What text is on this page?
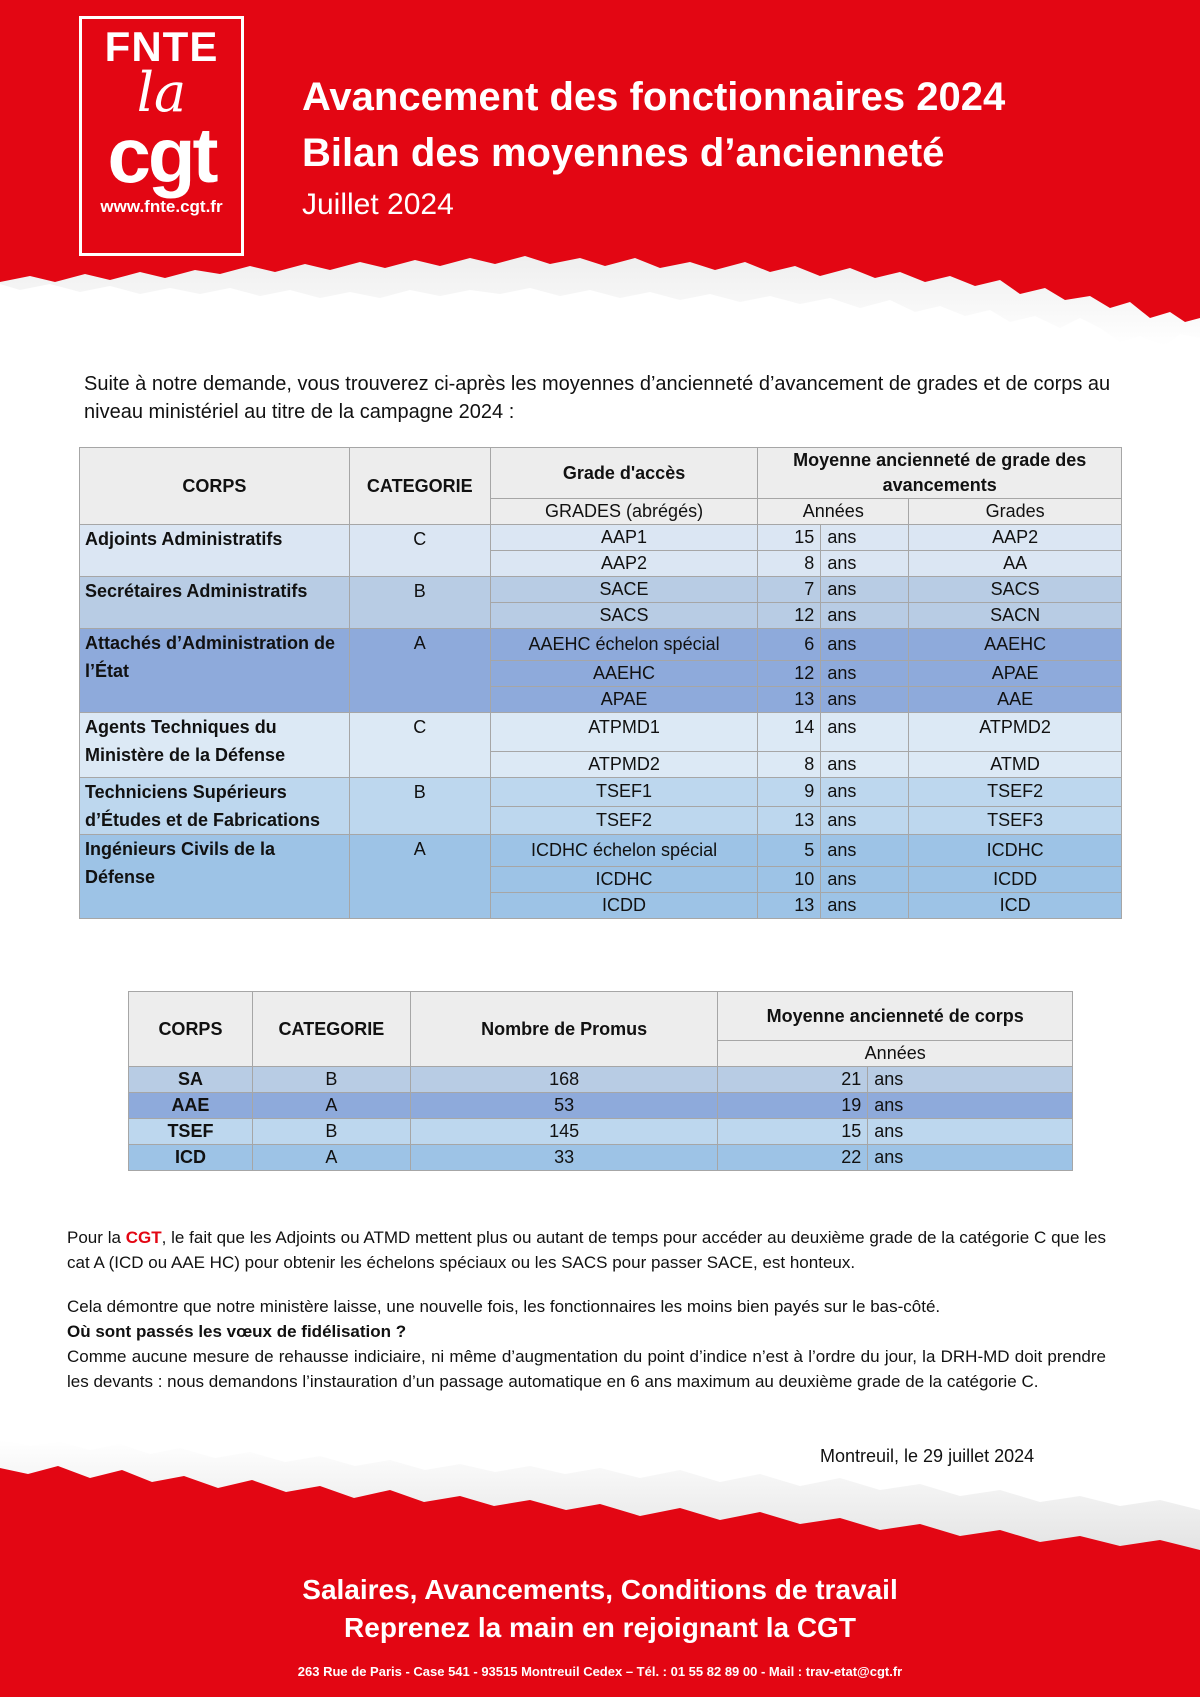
FNTE
la
cgt
www.fnte.cgt.fr
Avancement des fonctionnaires 2024
Bilan des moyennes d’ancienneté
Juillet 2024
Suite à notre demande, vous trouverez ci-après les moyennes d’ancienneté d’avancement de grades et de corps au niveau ministériel au titre de la campagne 2024 :
CORPS	CATEGORIE	Grade d'accès	Moyenne ancienneté de grade des avancements		
		GRADES (abrégés)	Années		Grades
Adjoints Administratifs	C	AAP1	15	ans	AAP2
		AAP2	8	ans	AA
Secrétaires Administratifs	B	SACE	7	ans	SACS
		SACS	12	ans	SACN
Attachés d’Administration de l’État	A	AAEHC échelon spécial	6	ans	AAEHC
		AAEHC	12	ans	APAE
		APAE	13	ans	AAE
Agents Techniques du Ministère de la Défense	C	ATPMD1	14	ans	ATPMD2
		ATPMD2	8	ans	ATMD
Techniciens Supérieurs d’Études et de Fabrications	B	TSEF1	9	ans	TSEF2
		TSEF2	13	ans	TSEF3
Ingénieurs Civils de la Défense	A	ICDHC échelon spécial	5	ans	ICDHC
		ICDHC	10	ans	ICDD
		ICDD	13	ans	ICD
CORPS	CATEGORIE	Nombre de Promus	Moyenne ancienneté de corps	
			Années	
SA	B	168	21	ans
AAE	A	53	19	ans
TSEF	B	145	15	ans
ICD	A	33	22	ans
Pour la CGT, le fait que les Adjoints ou ATMD mettent plus ou autant de temps pour accéder au deuxième grade de la catégorie C que les cat A (ICD ou AAE HC) pour obtenir les échelons spéciaux ou les SACS pour passer SACE, est honteux.
Cela démontre que notre ministère laisse, une nouvelle fois, les fonctionnaires les moins bien payés sur le bas-côté.
Où sont passés les vœux de fidélisation ?
Comme aucune mesure de rehausse indiciaire, ni même d’augmentation du point d’indice n’est à l’ordre du jour, la DRH-MD doit prendre les devants : nous demandons l’instauration d’un passage automatique en 6 ans maximum au deuxième grade de la catégorie C.
Montreuil, le 29 juillet 2024
Salaires, Avancements, Conditions de travail
Reprenez la main en rejoignant la CGT
263 Rue de Paris - Case 541 - 93515 Montreuil Cedex – Tél. : 01 55 82 89 00 - Mail : trav-etat@cgt.fr
